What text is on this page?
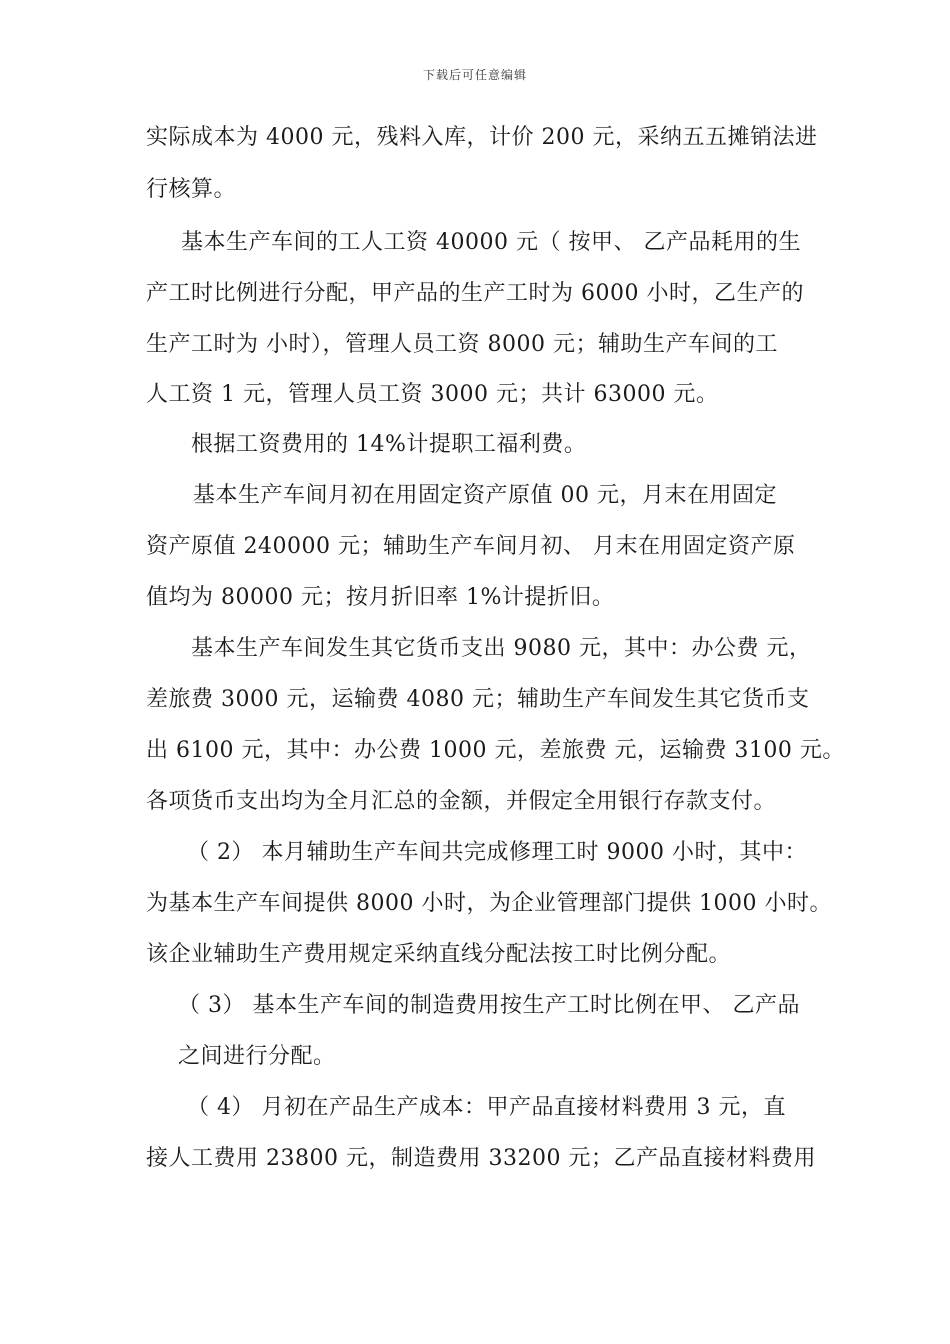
下载后可任意编辑
实际成本为 4000 元，残料入库，计价 200 元，采纳五五摊销法进
行核算。
基本生产车间的工人工资 40000 元（ 按甲、 乙产品耗用的生
产工时比例进行分配，甲产品的生产工时为 6000 小时，乙生产的
生产工时为 小时），管理人员工资 8000 元；辅助生产车间的工
人工资 1 元，管理人员工资 3000 元；共计 63000 元。
根据工资费用的 14%计提职工福利费。
基本生产车间月初在用固定资产原值 00 元，月末在用固定
资产原值 240000 元；辅助生产车间月初、 月末在用固定资产原
值均为 80000 元；按月折旧率 1%计提折旧。
基本生产车间发生其它货币支出 9080 元，其中：办公费 元，
差旅费 3000 元，运输费 4080 元；辅助生产车间发生其它货币支
出 6100 元，其中：办公费 1000 元，差旅费 元，运输费 3100 元。
各项货币支出均为全月汇总的金额，并假定全用银行存款支付。
（ 2） 本月辅助生产车间共完成修理工时 9000 小时，其中：
为基本生产车间提供 8000 小时，为企业管理部门提供 1000 小时。
该企业辅助生产费用规定采纳直线分配法按工时比例分配。
（ 3） 基本生产车间的制造费用按生产工时比例在甲、 乙产品
之间进行分配。
（ 4） 月初在产品生产成本：甲产品直接材料费用 3 元，直
接人工费用 23800 元，制造费用 33200 元；乙产品直接材料费用
